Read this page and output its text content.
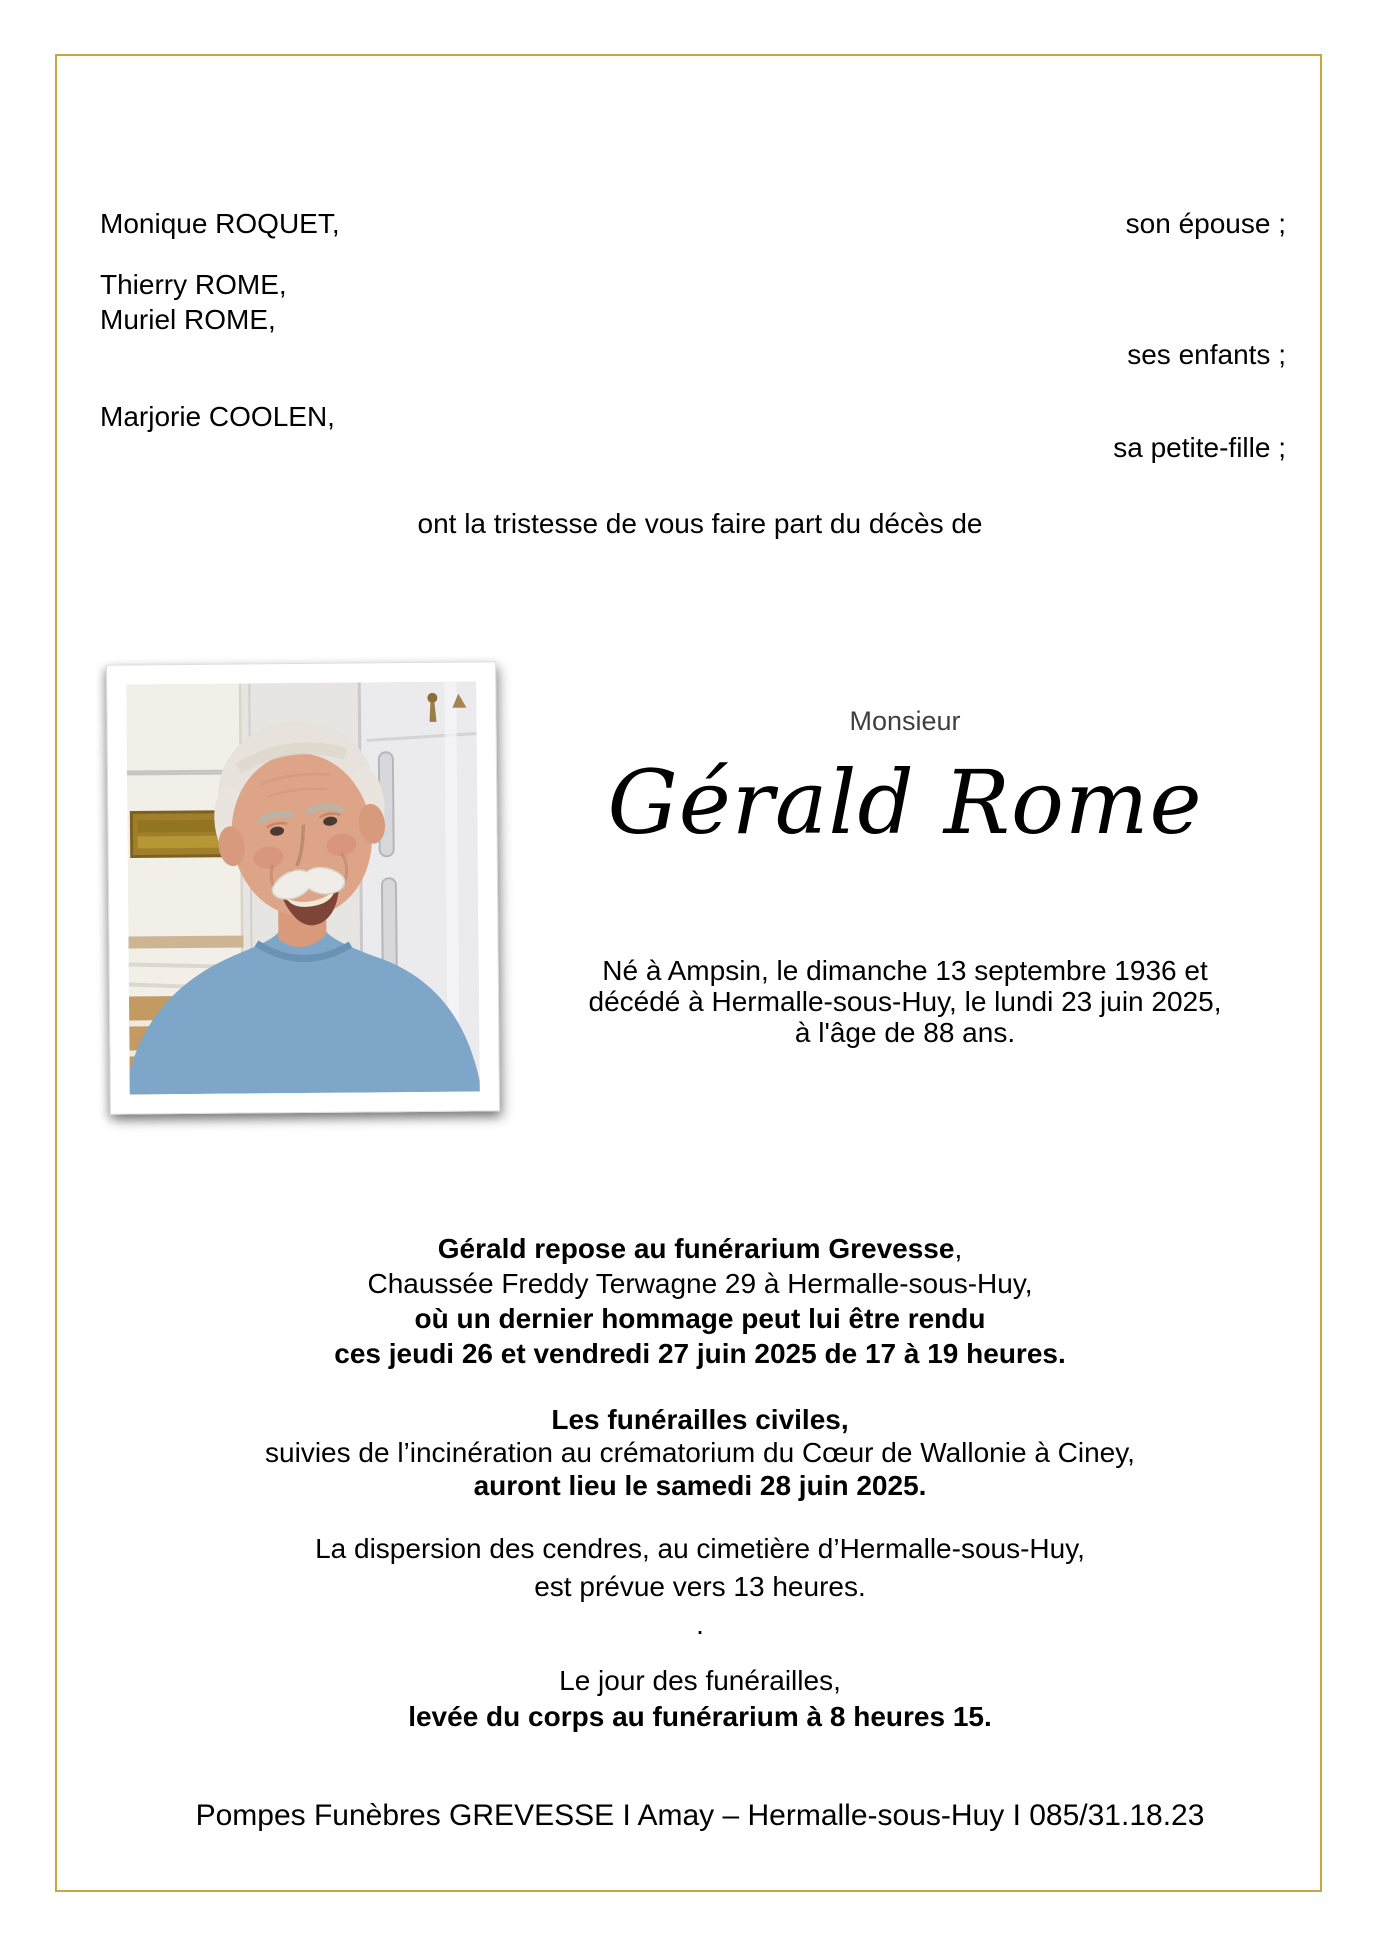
Monique ROQUET,	son épouse ;
Thierry ROME,
Muriel ROME,
ses enfants ;
Marjorie COOLEN,
sa petite-fille ;
ont la tristesse de vous faire part du décès de
Monsieur
Gérald Rome
Né à Ampsin, le dimanche 13 septembre 1936 et
décédé à Hermalle-sous-Huy, le lundi 23 juin 2025,
à l'âge de 88 ans.
Gérald repose au funérarium Grevesse,
Chaussée Freddy Terwagne 29 à Hermalle-sous-Huy,
où un dernier hommage peut lui être rendu
ces jeudi 26 et vendredi 27 juin 2025 de 17 à 19 heures.
Les funérailles civiles,
suivies de l’incinération au crématorium du Cœur de Wallonie à Ciney,
auront lieu le samedi 28 juin 2025.
La dispersion des cendres, au cimetière d’Hermalle-sous-Huy,
est prévue vers 13 heures.
.
Le jour des funérailles,
levée du corps au funérarium à 8 heures 15.
Pompes Funèbres GREVESSE I Amay – Hermalle-sous-Huy I 085/31.18.23
